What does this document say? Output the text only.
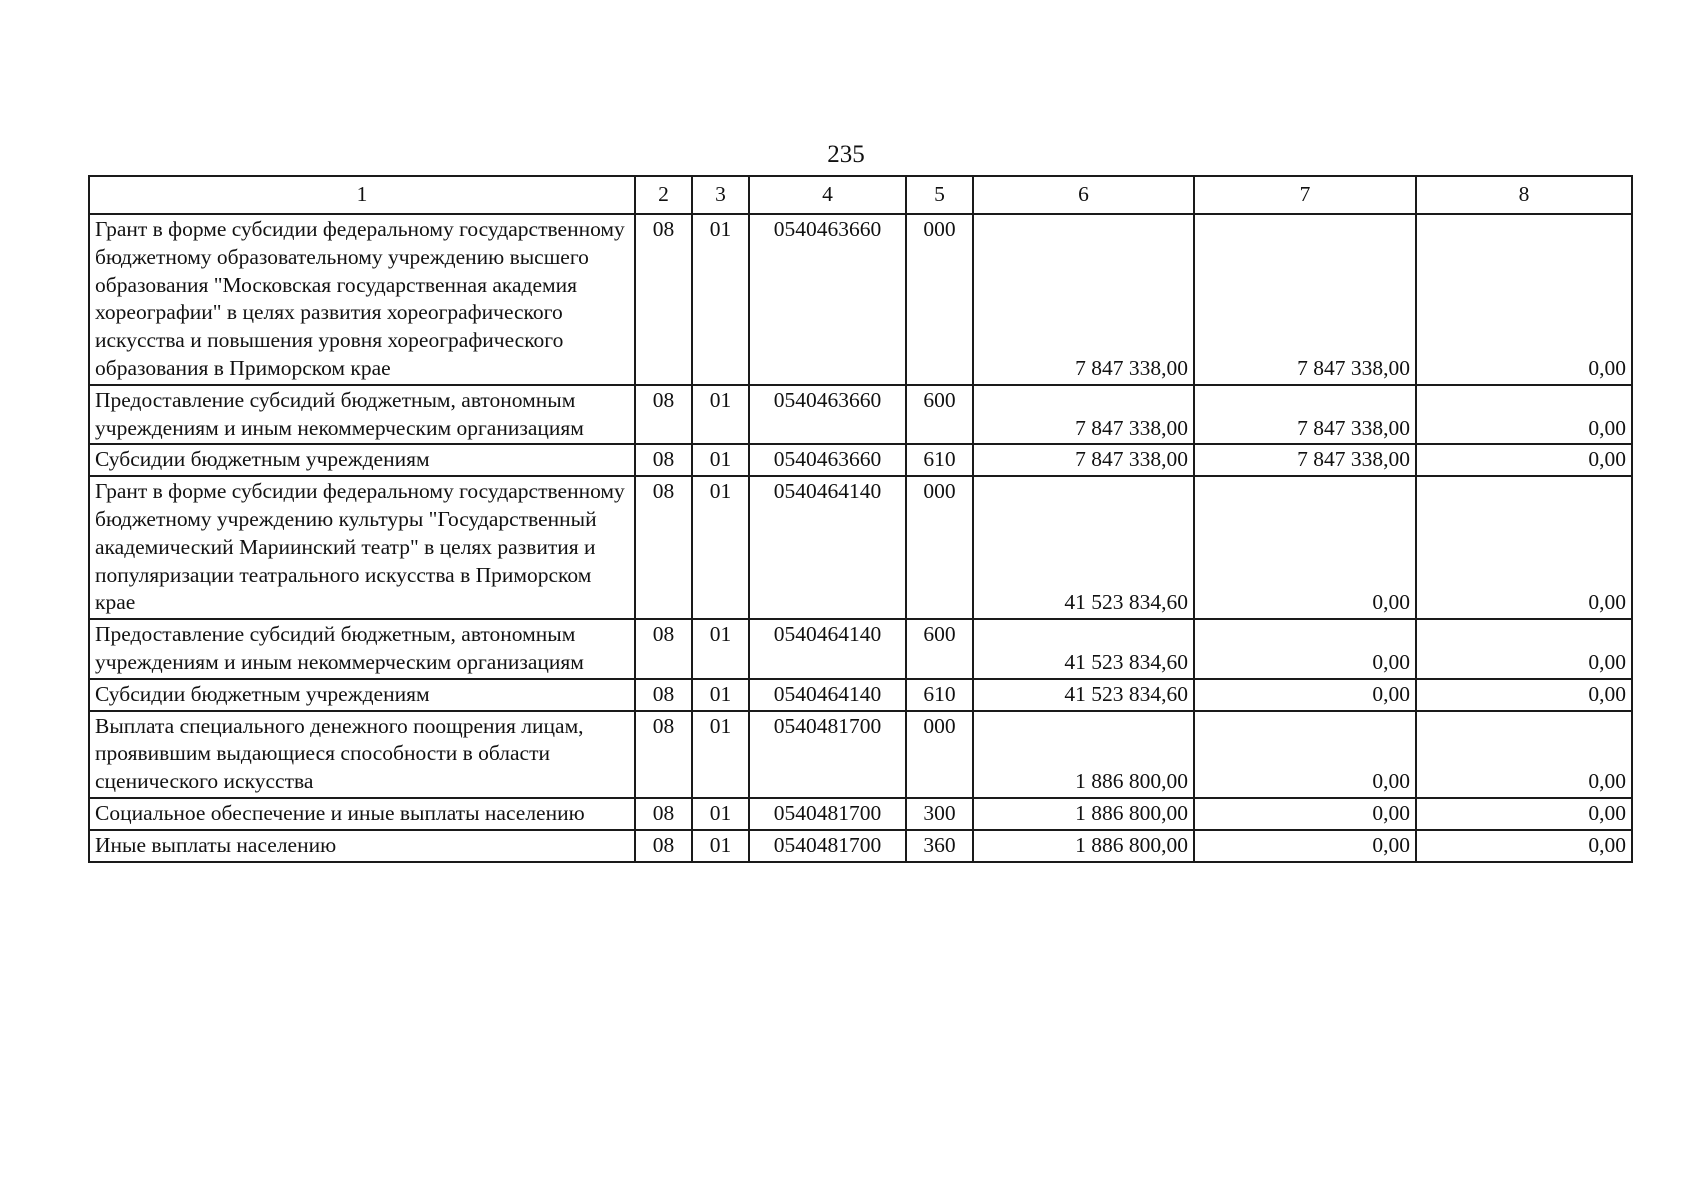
235
1	2	3	4	5	6	7	8
Грант в форме субсидии федеральному государственному бюджетному образовательному учреждению высшего образования "Московская государственная академия хореографии" в целях развития хореографического искусства и повышения уровня хореографического образования в Приморском крае	08	01	0540463660	000	7 847 338,00	7 847 338,00	0,00
Предоставление субсидий бюджетным, автономным учреждениям и иным некоммерческим организациям	08	01	0540463660	600	7 847 338,00	7 847 338,00	0,00
Субсидии бюджетным учреждениям	08	01	0540463660	610	7 847 338,00	7 847 338,00	0,00
Грант в форме субсидии федеральному государственному бюджетному учреждению культуры "Государственный академический Мариинский театр" в целях развития и популяризации театрального искусства в Приморском крае	08	01	0540464140	000	41 523 834,60	0,00	0,00
Предоставление субсидий бюджетным, автономным учреждениям и иным некоммерческим организациям	08	01	0540464140	600	41 523 834,60	0,00	0,00
Субсидии бюджетным учреждениям	08	01	0540464140	610	41 523 834,60	0,00	0,00
Выплата специального денежного поощрения лицам, проявившим выдающиеся способности в области сценического искусства	08	01	0540481700	000	1 886 800,00	0,00	0,00
Социальное обеспечение и иные выплаты населению	08	01	0540481700	300	1 886 800,00	0,00	0,00
Иные выплаты населению	08	01	0540481700	360	1 886 800,00	0,00	0,00
